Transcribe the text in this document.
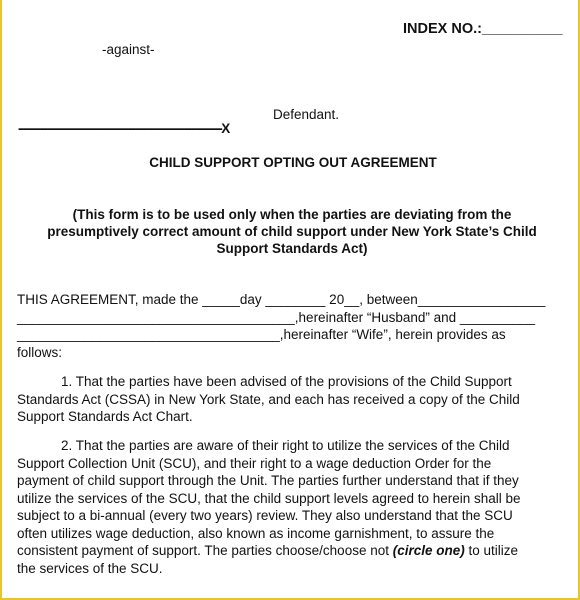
INDEX NO.:__________
-against-
Defendant.
---------------------------------------------------------------------X
CHILD SUPPORT OPTING OUT AGREEMENT
(This form is to be used only when the parties are deviating from the presumptively correct amount of child support under New York State’s Child Support Standards Act)
THIS AGREEMENT, made the _____day ________ 20__, between_________________
_____________________________________,hereinafter “Husband” and __________
___________________________________,hereinafter “Wife”, herein provides as
follows:
1. That the parties have been advised of the provisions of the Child Support
Standards Act (CSSA) in New York State, and each has received a copy of the Child
Support Standards Act Chart.
2. That the parties are aware of their right to utilize the services of the Child
Support Collection Unit (SCU), and their right to a wage deduction Order for the
payment of child support through the Unit. The parties further understand that if they
utilize the services of the SCU, that the child support levels agreed to herein shall be
subject to a bi-annual (every two years) review. They also understand that the SCU
often utilizes wage deduction, also known as income garnishment, to assure the
consistent payment of support. The parties choose/choose not (circle one) to utilize
the services of the SCU.
